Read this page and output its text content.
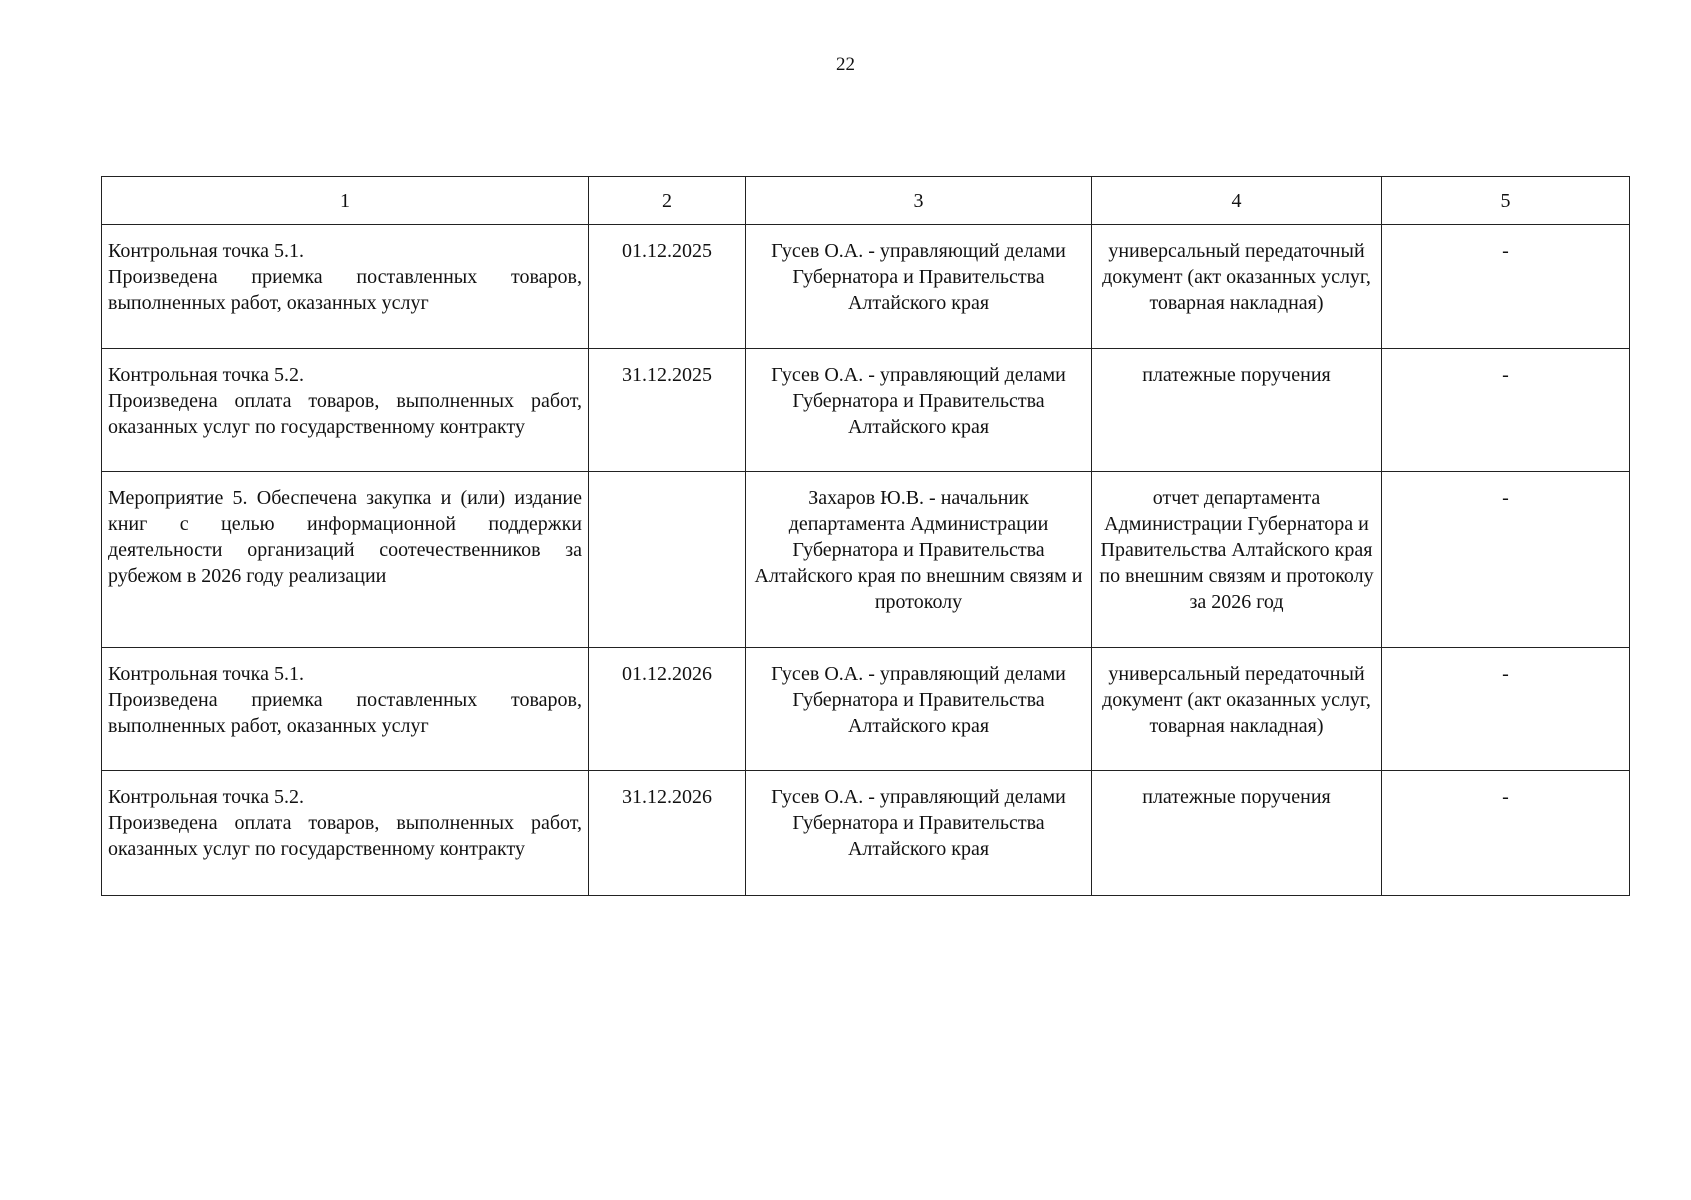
22
1	2	3	4	5

Контрольная точка 5.1.
Произведена приемка поставленных товаров, выполненных работ, оказанных услуг	01.12.2025	Гусев О.А. - управляющий делами Губернатора и Правительства Алтайского края	универсальный передаточный документ (акт оказанных услуг, товарная накладная)	-

Контрольная точка 5.2.
Произведена оплата товаров, выполненных работ, оказанных услуг по государственному контракту	31.12.2025	Гусев О.А. - управляющий делами Губернатора и Правительства Алтайского края	платежные поручения	-

Мероприятие 5. Обеспечена закупка и (или) издание книг с целью информационной поддержки деятельности организаций соотечественников за рубежом в 2026 году реализации		Захаров Ю.В. - начальник департамента Администрации Губернатора и Правительства Алтайского края по внешним связям и протоколу	отчет департамента Администрации Губернатора и Правительства Алтайского края по внешним связям и протоколу за 2026 год	-

Контрольная точка 5.1.
Произведена приемка поставленных товаров, выполненных работ, оказанных услуг	01.12.2026	Гусев О.А. - управляющий делами Губернатора и Правительства Алтайского края	универсальный передаточный документ (акт оказанных услуг, товарная накладная)	-

Контрольная точка 5.2.
Произведена оплата товаров, выполненных работ, оказанных услуг по государственному контракту	31.12.2026	Гусев О.А. - управляющий делами Губернатора и Правительства Алтайского края	платежные поручения	-
